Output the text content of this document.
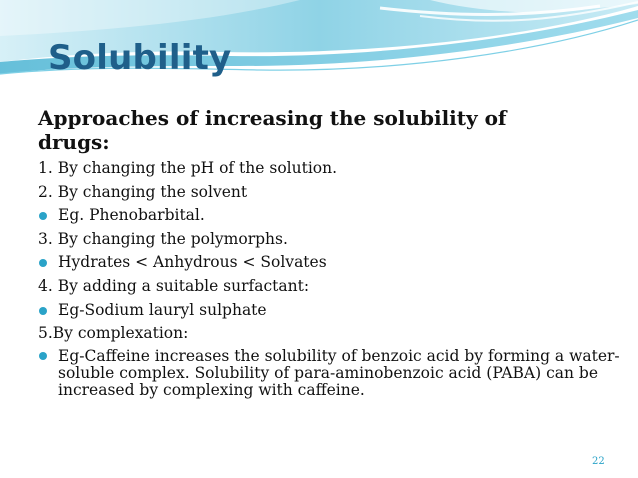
Solubility
Approaches of increasing the solubility of drugs:
1. By changing the pH of the solution.
2. By changing the solvent
Eg. Phenobarbital.
3. By changing the polymorphs.
Hydrates < Anhydrous < Solvates
4. By adding a suitable surfactant:
Eg-Sodium lauryl sulphate
5.By complexation:
Eg-Caffeine increases the solubility of benzoic acid by forming a water-soluble complex. Solubility of para-aminobenzoic acid (PABA) can be increased by complexing with caffeine.
22
